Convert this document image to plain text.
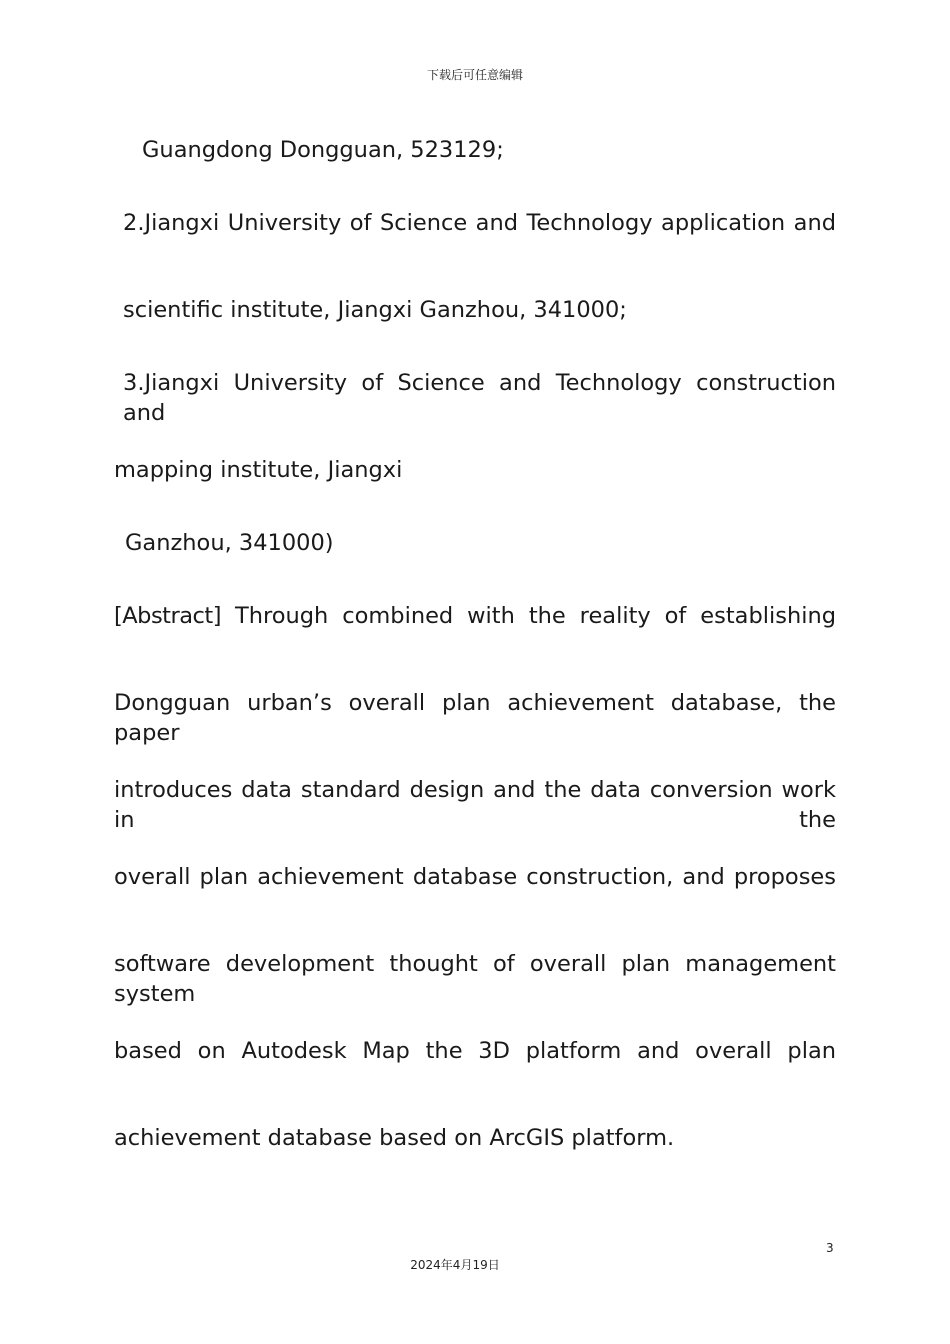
下载后可任意编辑
Guangdong Dongguan, 523129;
2.Jiangxi University of Science and Technology application and
scientific institute, Jiangxi Ganzhou, 341000;
3.Jiangxi University of Science and Technology construction and
mapping institute, Jiangxi
Ganzhou, 341000)
[Abstract] Through combined with the reality of establishing
Dongguan urban’s overall plan achievement database, the paper
introduces data standard design and the data conversion work in the
overall plan achievement database construction, and proposes
software development thought of overall plan management system
based on Autodesk Map the 3D platform and overall plan
achievement database based on ArcGIS platform.
3
2024年4月19日
